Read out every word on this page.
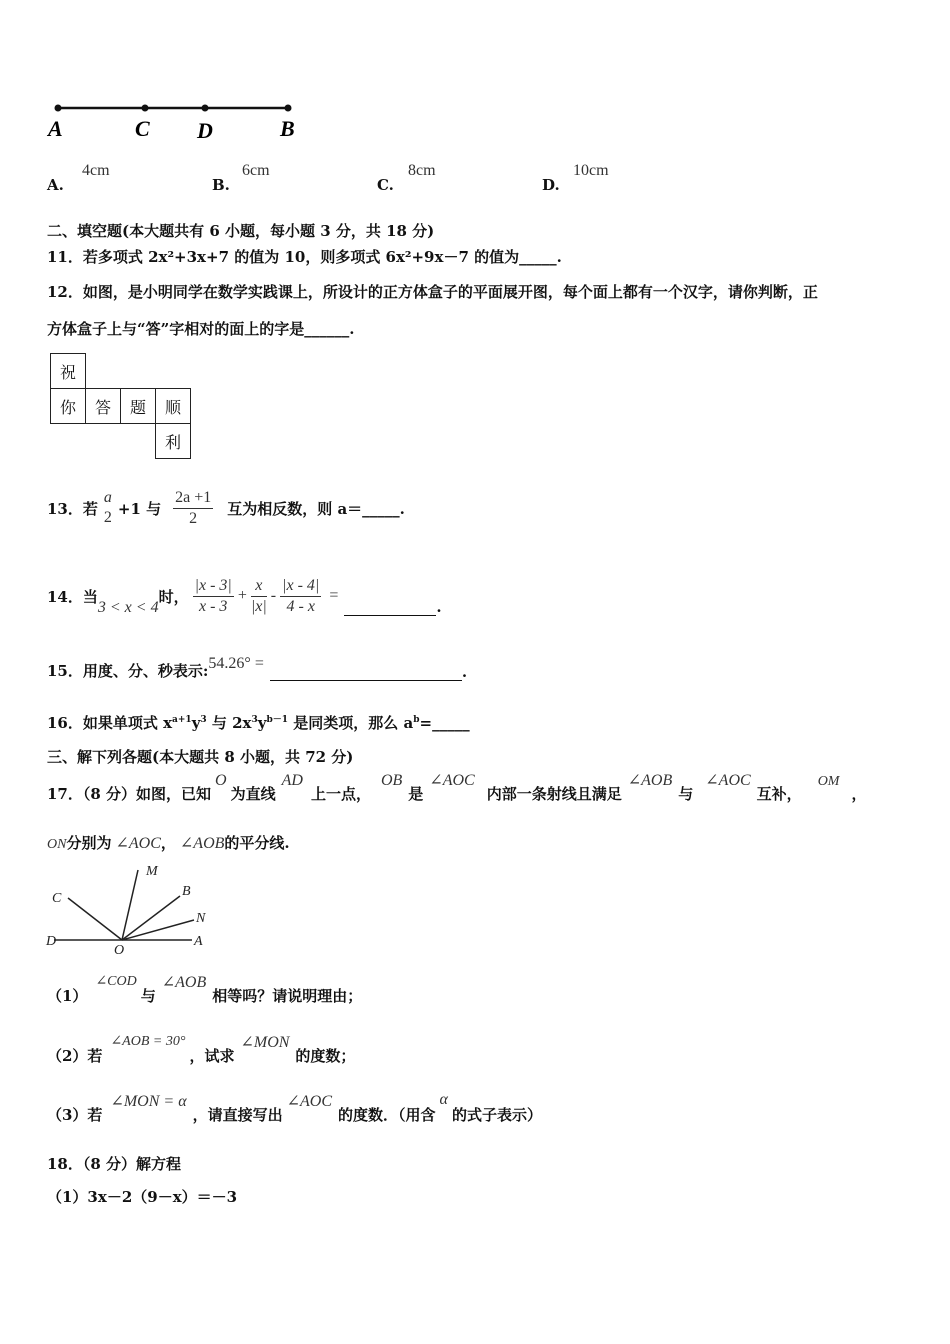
A	C D	B
A.
4cm
B.
6cm
C.
8cm
D.
10cm
二、填空题(本大题共有 6 小题，每小题 3 分，共 18 分)
11．若多项式 2x²+3x+7 的值为 10，则多项式 6x²+9x－7 的值为_____.
12．如图，是小明同学在数学实践课上，所设计的正方体盒子的平面展开图，每个面上都有一个汉字，请你判断，正
方体盒子上与“答”字相对的面上的字是______.
祝			
你	答	题	顺
			利
13．若
a
2 +1 与 $\frac{2a +1}{2}$ 互为相反数，则 a＝_____.
14．当
3 < x < 4
时， $\frac{|x - 3|}{x - 3} + \frac{x}{|x|} - \frac{|x - 4|}{4 - x}$ =
.
15．用度、分、秒表示: 54.26° =	.
16．如果单项式 $x^{a+1}y^3$ 与 $2x^3y^{b-1}$ 是同类项，那么 $a^b=\_\_\_\_\_$
三、解下列各题(本大题共 8 小题，共 72 分)
17．（8 分）如图，已知
O
为直线
AD
上一点，
OB
是
∠AOC
内部一条射线且满足
∠AOB
与
∠AOC
互补，
OM
，
ON 分别为 ∠AOC ， ∠AOB 的平分线.
C
M
B
N
D
O
A
（1）
∠COD
与
∠AOB
相等吗？请说明理由；
（2）若
∠AOB = 30°
，试求
∠MON
的度数；
（3）若
∠MON = α
，请直接写出
∠AOC
的度数．（用含
α
的式子表示）
18．（8 分）解方程
（1）3x－2（9－x）＝－3
